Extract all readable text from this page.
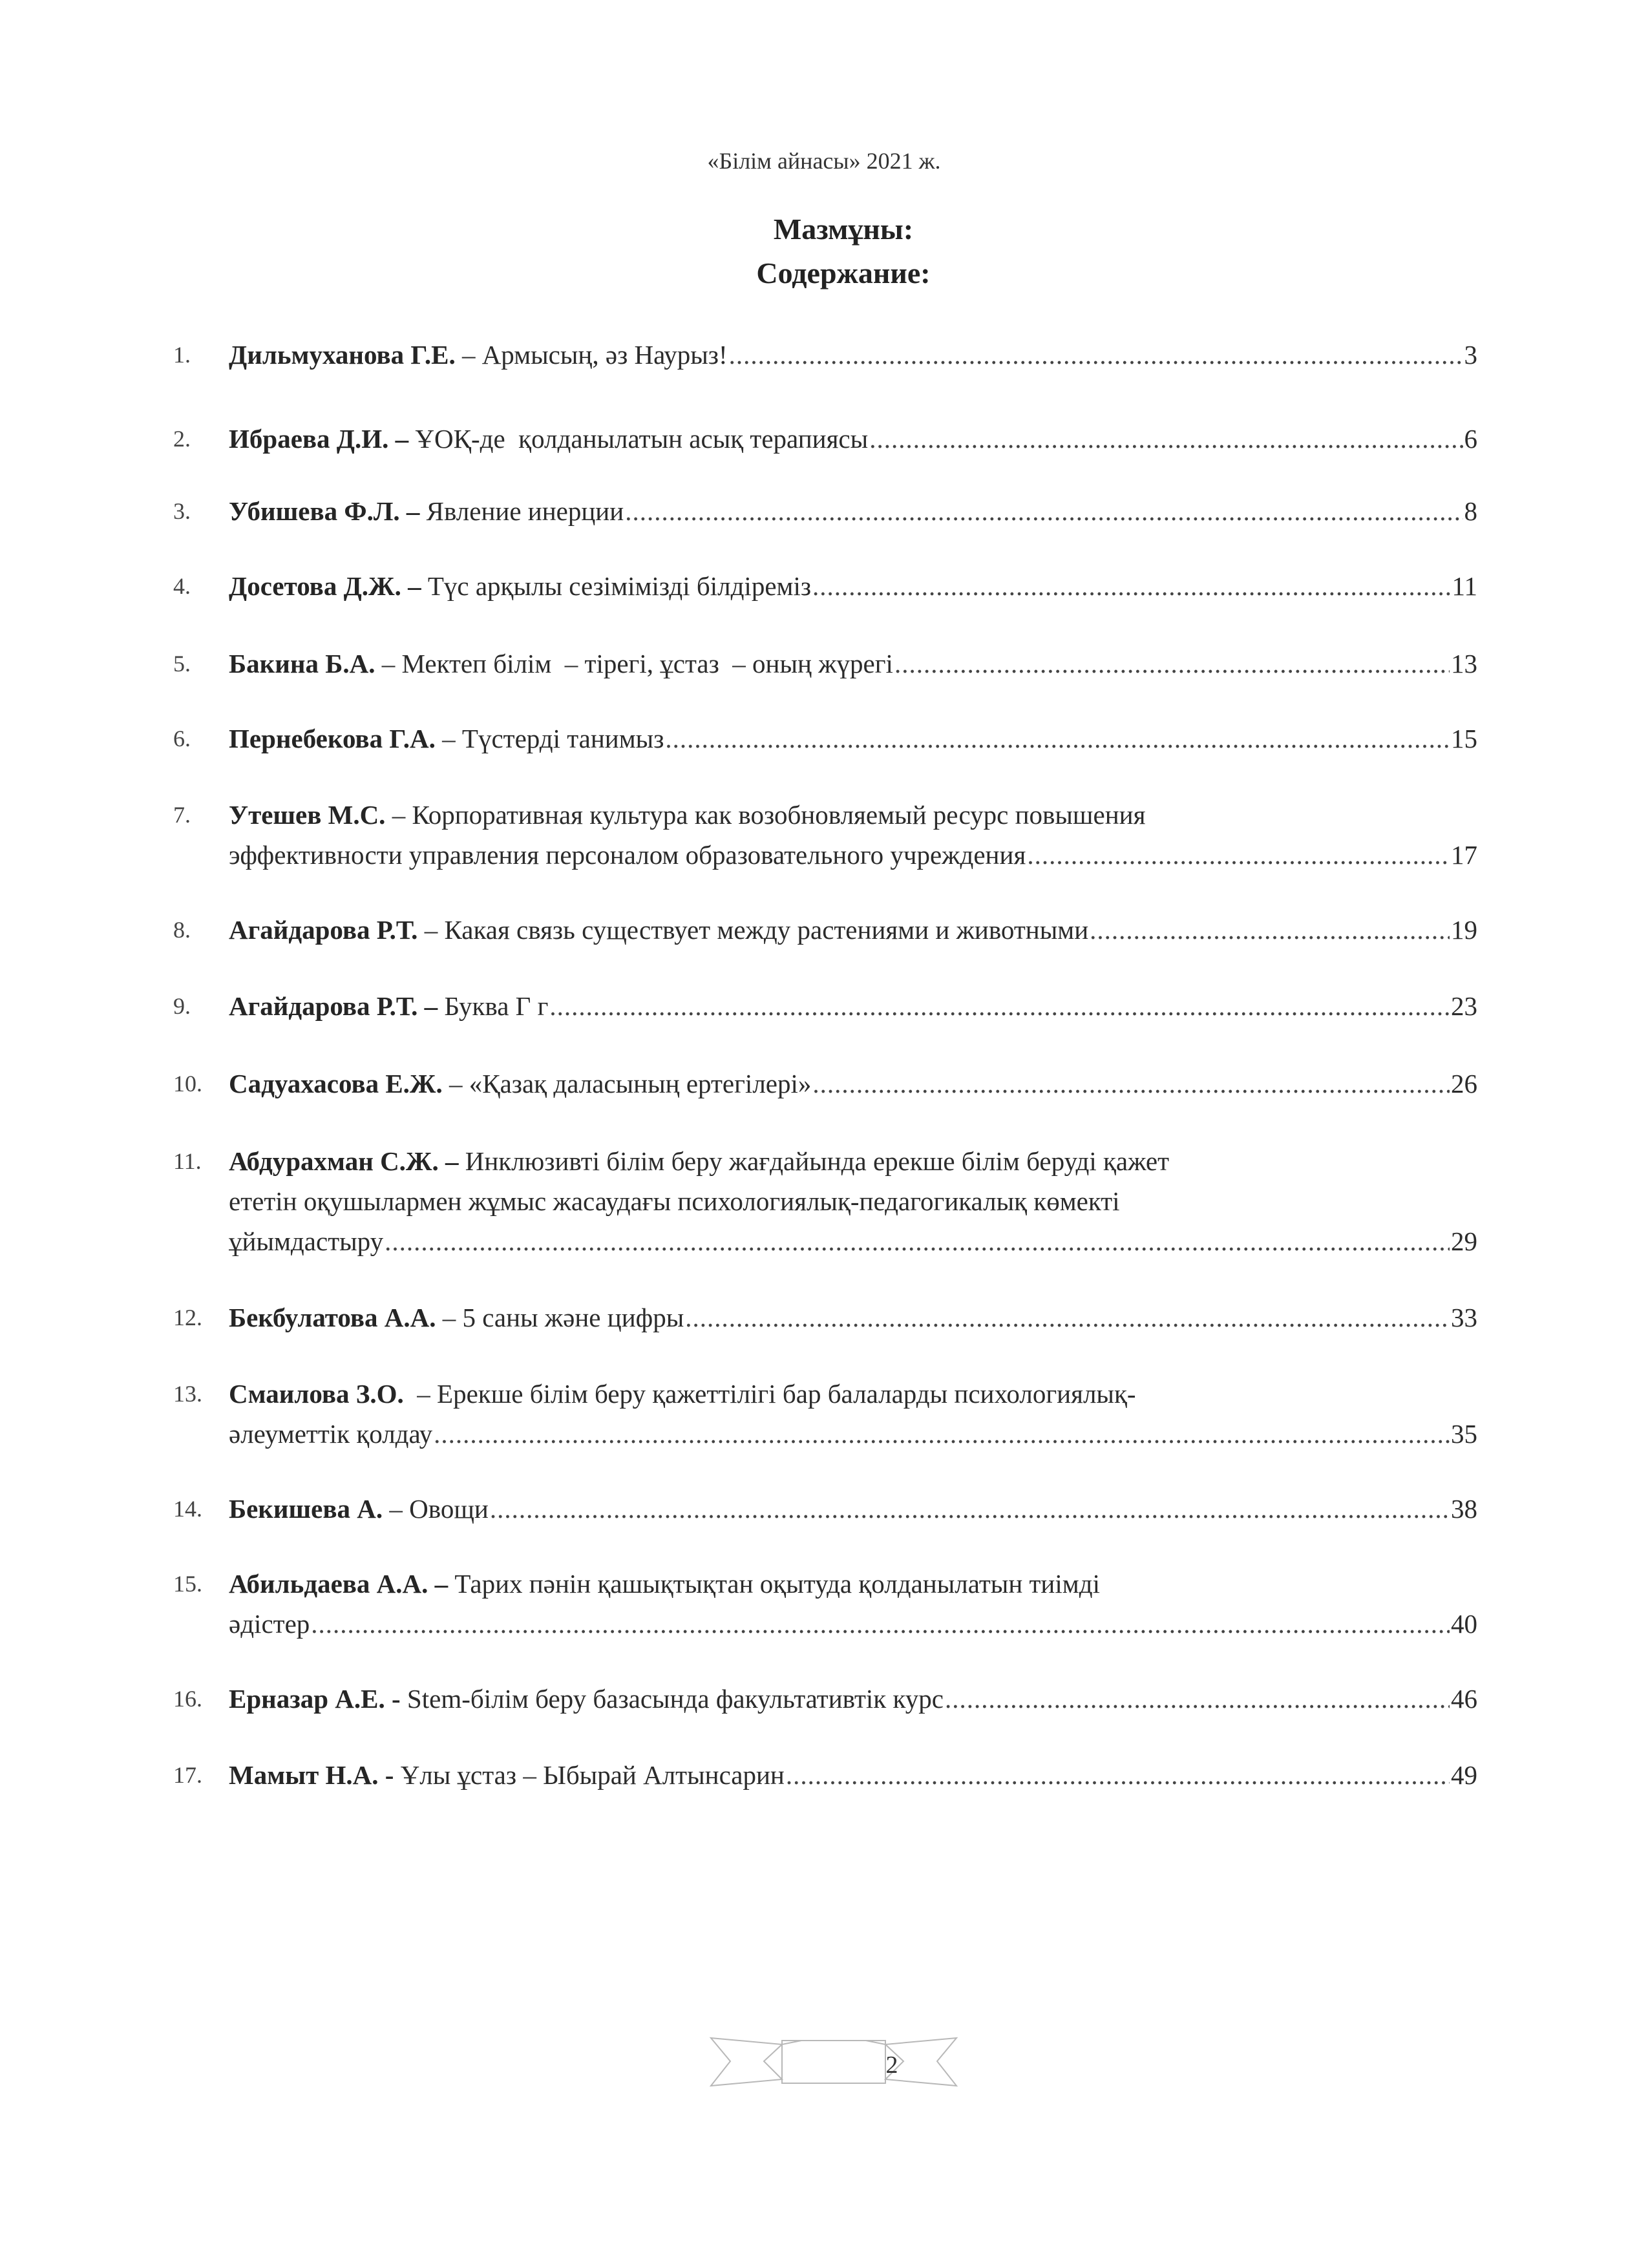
«Білім айнасы» 2021 ж.
Мазмұны:
Содержание:
1.	Дильмуханова Г.Е. – Армысың, әз Наурыз! .....	3
2.	Ибраева Д.И. –
ҰОҚ-де  қолданылатын асық терапиясы .....	6
3.	Убишева Ф.Л. –
Явление инерции .....	8
4.	Досетова Д.Ж. –
Түс арқылы сезімімізді білдіреміз .....	11
5.	Бакина Б.А. – Мектеп білім  – тірегі, ұстаз  – оның жүрегі .....	13
6.	Пернебекова Г.А. – Түстерді танимыз .....	15
7.	Утешев М.С. – Корпоративная культура как возобновляемый ресурс повышения
эффективности управления персоналом образовательного учреждения .....	17
8.	Агайдарова Р.Т. – Какая связь существует между растениями и животными .....	19
9.	Агайдарова Р.Т. –
Буква Г г .....	23
10.	Садуахасова Е.Ж. – «Қазақ даласының ертегілері» .....	26
11.	Абдурахман С.Ж. –
Инклюзивті білім беру жағдайында ерекше білім беруді қажет
ететін оқушылармен жұмыс жасаудағы психологиялық-педагогикалық көмекті
ұйымдастыру .....	29
12.	Бекбулатова А.А. – 5 саны және цифры .....	33
13.	Смаилова З.О. – Ерекше білім беру қажеттілігі бар балаларды психологиялық-
әлеуметтік қолдау .....	35
14.	Бекишева А. – Овощи .....	38
15.	Абильдаева А.А. –
Тарих пәнін қашықтықтан оқытуда қолданылатын тиімді
әдістер .....	40
16.	Ерназар А.Е. -
Stem-білім беру базасында факультативтік курс .....	46
17.	Мамыт Н.А. -
Ұлы ұстаз – Ыбырай Алтынсарин .....	49
2
